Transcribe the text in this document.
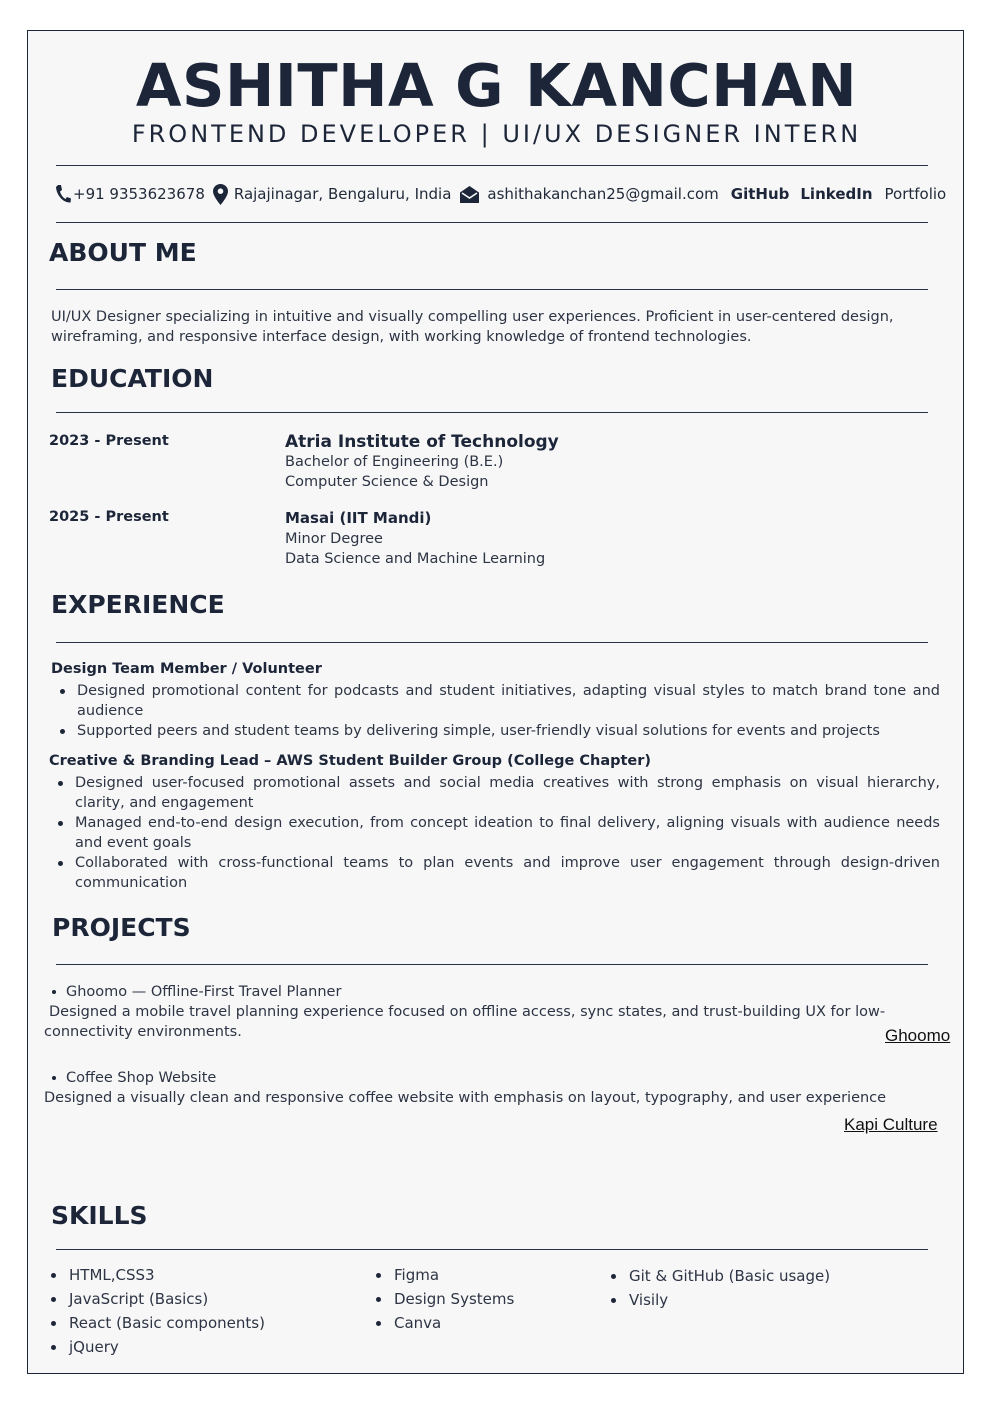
ASHITHA G KANCHAN
FRONTEND DEVELOPER | UI/UX DESIGNER INTERN
+91 9353623678 Rajajinagar, Bengaluru, India ashithakanchan25@gmail.com GitHub LinkedIn Portfolio
ABOUT ME
UI/UX Designer specializing in intuitive and visually compelling user experiences. Proficient in user-centered design,
wireframing, and responsive interface design, with working knowledge of frontend technologies.
EDUCATION
2023 - Present	Atria Institute of Technology
Bachelor of Engineering (B.E.)
Computer Science & Design
2025 - Present	Masai (IIT Mandi)
Minor Degree
Data Science and Machine Learning
EXPERIENCE
Design Team Member / Volunteer
Designed promotional content for podcasts and student initiatives, adapting visual styles to match brand tone and audience
Supported peers and student teams by delivering simple, user-friendly visual solutions for events and projects
Creative & Branding Lead – AWS Student Builder Group (College Chapter)
Designed user-focused promotional assets and social media creatives with strong emphasis on visual hierarchy, clarity, and engagement
Managed end-to-end design execution, from concept ideation to final delivery, aligning visuals with audience needs and event goals
Collaborated with cross-functional teams to plan events and improve user engagement through design-driven communication
PROJECTS
Ghoomo — Offline-First Travel Planner
Designed a mobile travel planning experience focused on offline access, sync states, and trust-building UX for low-
connectivity environments.	Ghoomo
Coffee Shop Website
Designed a visually clean and responsive coffee website with emphasis on layout, typography, and user experience
Kapi Culture
SKILLS
HTML,CSS3
JavaScript (Basics)
React (Basic components)
jQuery
Figma
Design Systems
Canva
Git & GitHub (Basic usage)
Visily
